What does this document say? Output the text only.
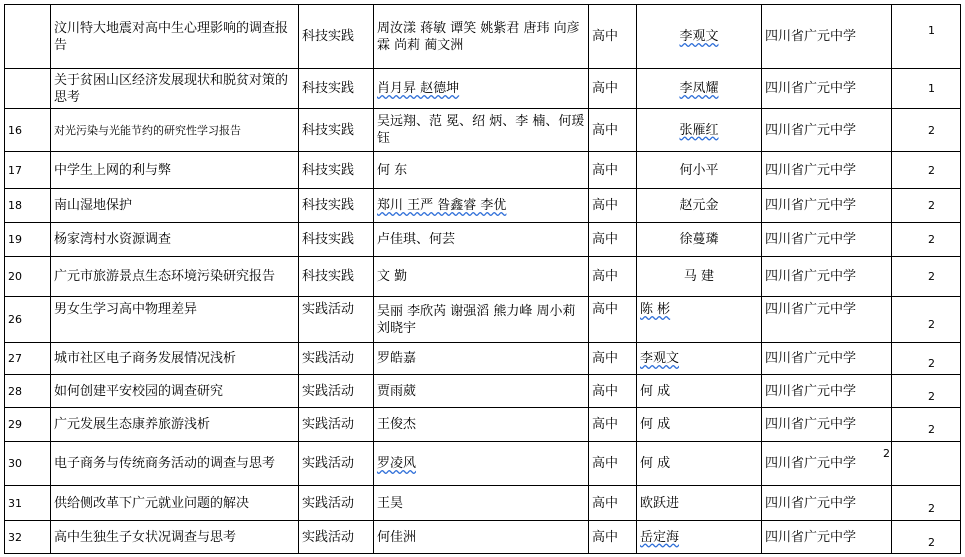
	汶川特大地震对高中生心理影响的调查报告	科技实践	周汝漾 蒋敏 谭笑 姚紫君 唐玮 向彦霖 尚莉 蔺文洲	高中	李观文	四川省广元中学	1

	关于贫困山区经济发展现状和脱贫对策的思考	科技实践	肖月昇 赵德坤	高中	李凤耀	四川省广元中学	1

16	对光污染与光能节约的研究性学习报告	科技实践	吴远翔、范 冕、绍 炳、李 楠、何瑗钰	高中	张雁红	四川省广元中学	2

17	中学生上网的利与弊	科技实践	何 东	高中	何小平	四川省广元中学	2

18	南山湿地保护	科技实践	郑川 王严 昝鑫睿 李优	高中	赵元金	四川省广元中学	2

19	杨家湾村水资源调查	科技实践	卢佳琪、何芸	高中	徐蔓璘	四川省广元中学	2

20	广元市旅游景点生态环境污染研究报告	科技实践	文 勤	高中	马 建	四川省广元中学	2

26	男女生学习高中物理差异	实践活动	吴丽 李欣芮 谢强滔 熊力峰 周小莉 刘晓宇	高中	陈 彬	四川省广元中学	2

27	城市社区电子商务发展情况浅析	实践活动	罗皓嘉	高中	李观文	四川省广元中学	2

28	如何创建平安校园的调查研究	实践活动	贾雨葳	高中	何 成	四川省广元中学	2

29	广元发展生态康养旅游浅析	实践活动	王俊杰	高中	何 成	四川省广元中学	2

30	电子商务与传统商务活动的调查与思考	实践活动	罗凌风	高中	何 成	四川省广元中学	2

31	供给侧改革下广元就业问题的解决	实践活动	王昊	高中	欧跃进	四川省广元中学	2

32	高中生独生子女状况调查与思考	实践活动	何佳洲	高中	岳定海	四川省广元中学	2
